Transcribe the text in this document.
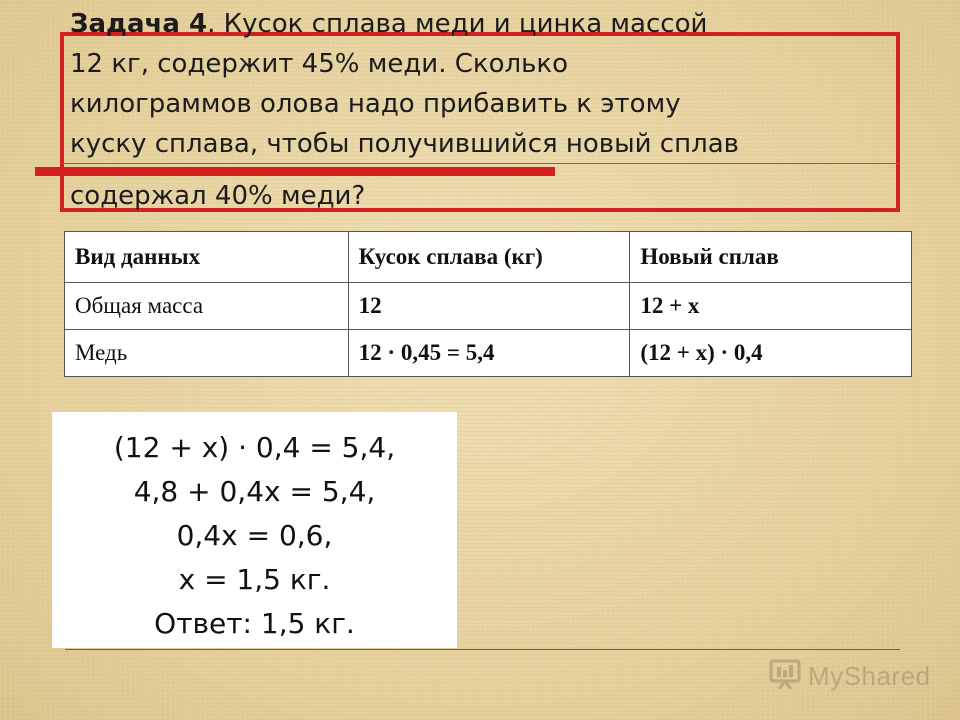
Задача 4. Кусок сплава меди и цинка массой
12 кг, содержит 45% меди. Сколько
килограммов олова надо прибавить к этому
куску сплава, чтобы получившийся новый сплав
содержал 40% меди?

Вид данных	Кусок сплава (кг)	Новый сплав
Общая масса	12	12 + х
Медь	12 · 0,45 = 5,4	(12 + х) · 0,4
(12 + х) · 0,4 = 5,4,
4,8 + 0,4х = 5,4,
0,4х = 0,6,
х = 1,5 кг.
Ответ: 1,5 кг.
MyShared
